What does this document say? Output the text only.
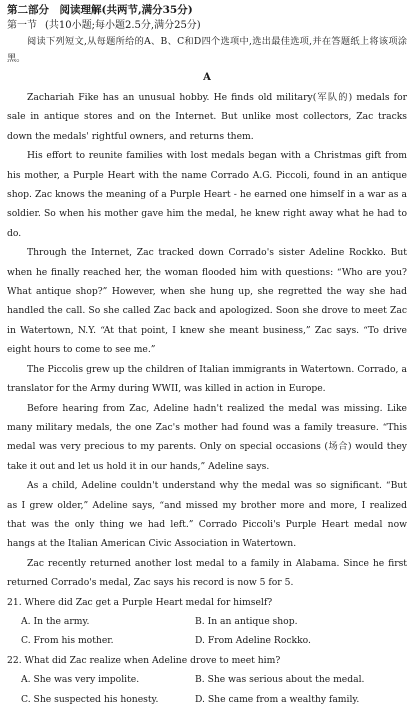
第二部分　阅读理解(共两节,满分35分)
第一节 (共10小题;每小题2.5分,满分25分)

阅读下列短文,从每题所给的A、B、C和D四个选项中,选出最佳选项,并在答题纸上将该项涂黑。

A

Zachariah Fike has an unusual hobby. He finds old military(军队的) medals for sale in antique stores and on the Internet. But unlike most collectors, Zac tracks down the medals' rightful owners, and returns them.

His effort to reunite families with lost medals began with a Christmas gift from his mother, a Purple Heart with the name Corrado A.G. Piccoli, found in an antique shop. Zac knows the meaning of a Purple Heart - he earned one himself in a war as a soldier. So when his mother gave him the medal, he knew right away what he had to do.

Through the Internet, Zac tracked down Corrado's sister Adeline Rockko. But when he finally reached her, the woman flooded him with questions: “Who are you? What antique shop?” However, when she hung up, she regretted the way she had handled the call. So she called Zac back and apologized. Soon she drove to meet Zac in Watertown, N.Y. “At that point, I knew she meant business,” Zac says. “To drive eight hours to come to see me.”

The Piccolis grew up the children of Italian immigrants in Watertown. Corrado, a translator for the Army during WWII, was killed in action in Europe.

Before hearing from Zac, Adeline hadn't realized the medal was missing. Like many military medals, the one Zac's mother had found was a family treasure. “This medal was very precious to my parents. Only on special occasions (场合) would they take it out and let us hold it in our hands,” Adeline says.

As a child, Adeline couldn't understand why the medal was so significant. “But as I grew older,” Adeline says, “and missed my brother more and more, I realized that was the only thing we had left.” Corrado Piccoli's Purple Heart medal now hangs at the Italian American Civic Association in Watertown.

Zac recently returned another lost medal to a family in Alabama. Since he first returned Corrado's medal, Zac says his record is now 5 for 5.

21. Where did Zac get a Purple Heart medal for himself?
A. In the army.	B. In an antique shop.
C. From his mother.	D. From Adeline Rockko.
22. What did Zac realize when Adeline drove to meet him?
A. She was very impolite.	B. She was serious about the medal.
C. She suspected his honesty.	D. She came from a wealthy family.
